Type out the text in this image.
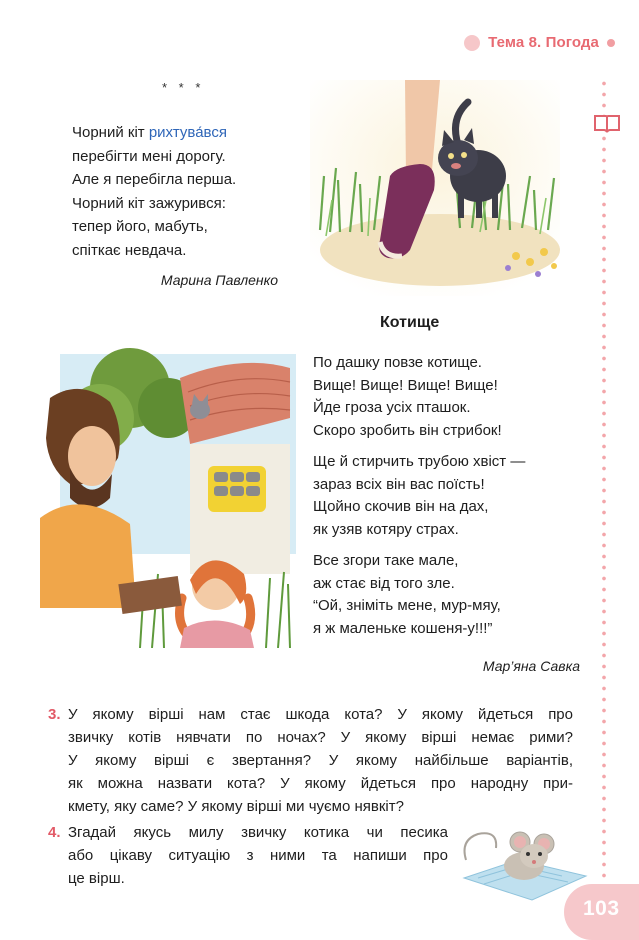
Тема 8. Погода
* * *
Чорний кіт рихтува́вся
перебігти мені дорогу.
Але я перебігла перша.
Чорний кіт зажурився:
тепер його, мабуть,
спіткає невдача.
Марина Павленко
Котище
По дашку повзе котище.
Вище! Вище! Вище! Вище!
Йде гроза усіх пташок.
Скоро зробить він стрибок!
Ще й стирчить трубою хвіст —
зараз всіх він вас поїсть!
Щойно скочив він на дах,
як узяв котяру страх.
Все згори таке мале,
аж стає від того зле.
“Ой, зніміть мене, мур-мяу,
я ж маленьке кошеня-у!!!”
Мар’яна Савка
3. У якому вірші нам стає шкода кота? У якому йдеться про
звичку котів нявчати по ночах? У якому вірші немає рими?
У якому вірші є звертання? У якому найбільше варіантів,
як можна назвати кота? У якому йдеться про народну при-
кмету, яку саме? У якому вірші ми чуємо нявкіт?
4. Згадай якусь милу звичку котика чи песика
або цікаву ситуацію з ними та напиши про
це вірш.
103
